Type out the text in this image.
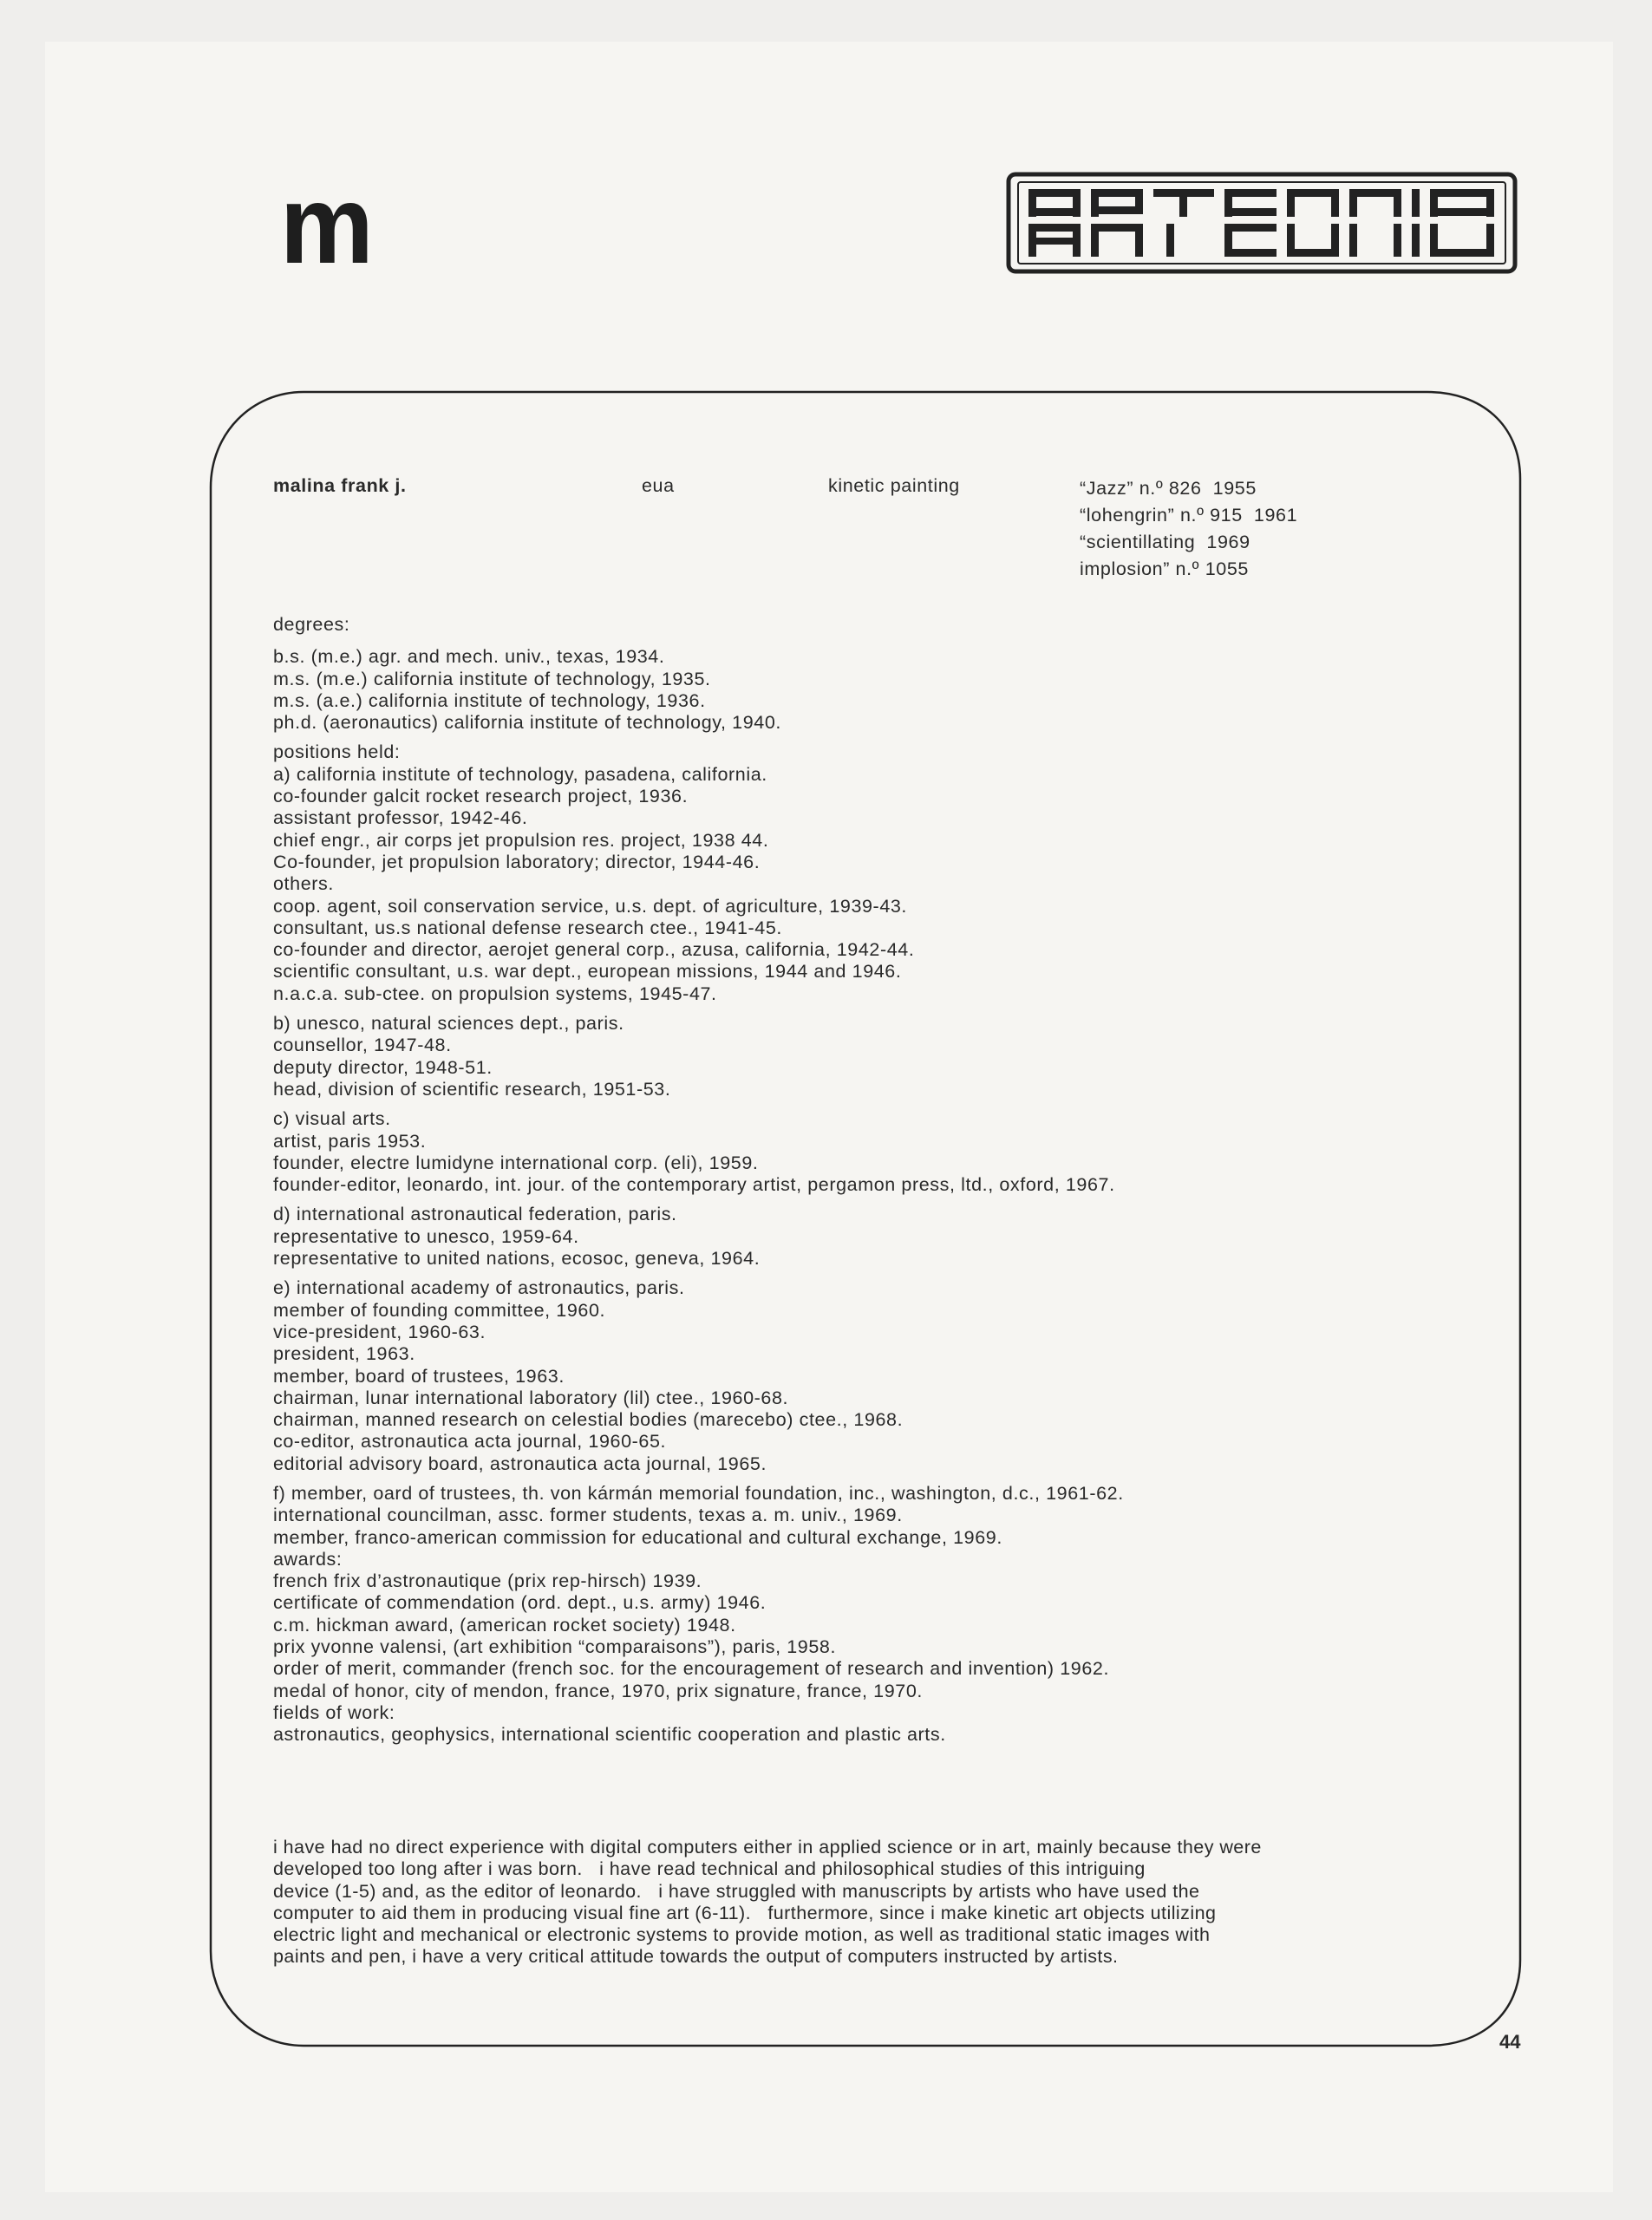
m
malina frank j.	eua	kinetic painting	“Jazz” n.º 826  1955
“lohengrin” n.º 915  1961
“scientillating  1969
implosion” n.º 1055
degrees:
b.s. (m.e.) agr. and mech. univ., texas, 1934.
m.s. (m.e.) california institute of technology, 1935.
m.s. (a.e.) california institute of technology, 1936.
ph.d. (aeronautics) california institute of technology, 1940.
positions held:
a) california institute of technology, pasadena, california.
co-founder galcit rocket research project, 1936.
assistant professor, 1942-46.
chief engr., air corps jet propulsion res. project, 1938 44.
Co-founder, jet propulsion laboratory; director, 1944-46.
others.
coop. agent, soil conservation service, u.s. dept. of agriculture, 1939-43.
consultant, us.s national defense research ctee., 1941-45.
co-founder and director, aerojet general corp., azusa, california, 1942-44.
scientific consultant, u.s. war dept., european missions, 1944 and 1946.
n.a.c.a. sub-ctee. on propulsion systems, 1945-47.
b) unesco, natural sciences dept., paris.
counsellor, 1947-48.
deputy director, 1948-51.
head, division of scientific research, 1951-53.
c) visual arts.
artist, paris 1953.
founder, electre lumidyne international corp. (eli), 1959.
founder-editor, leonardo, int. jour. of the contemporary artist, pergamon press, ltd., oxford, 1967.
d) international astronautical federation, paris.
representative to unesco, 1959-64.
representative to united nations, ecosoc, geneva, 1964.
e) international academy of astronautics, paris.
member of founding committee, 1960.
vice-president, 1960-63.
president, 1963.
member, board of trustees, 1963.
chairman, lunar international laboratory (lil) ctee., 1960-68.
chairman, manned research on celestial bodies (marecebo) ctee., 1968.
co-editor, astronautica acta journal, 1960-65.
editorial advisory board, astronautica acta journal, 1965.
f) member, oard of trustees, th. von kármán memorial foundation, inc., washington, d.c., 1961-62.
international councilman, assc. former students, texas a. m. univ., 1969.
member, franco-american commission for educational and cultural exchange, 1969.
awards:
french frix d’astronautique (prix rep-hirsch) 1939.
certificate of commendation (ord. dept., u.s. army) 1946.
c.m. hickman award, (american rocket society) 1948.
prix yvonne valensi, (art exhibition “comparaisons”), paris, 1958.
order of merit, commander (french soc. for the encouragement of research and invention) 1962.
medal of honor, city of mendon, france, 1970, prix signature, france, 1970.
fields of work:
astronautics, geophysics, international scientific cooperation and plastic arts.
i have had no direct experience with digital computers either in applied science or in art, mainly because they were
developed too long after i was born.   i have read technical and philosophical studies of this intriguing
device (1-5) and, as the editor of leonardo.   i have struggled with manuscripts by artists who have used the
computer to aid them in producing visual fine art (6-11).   furthermore, since i make kinetic art objects utilizing
electric light and mechanical or electronic systems to provide motion, as well as traditional static images with
paints and pen, i have a very critical attitude towards the output of computers instructed by artists.
44
